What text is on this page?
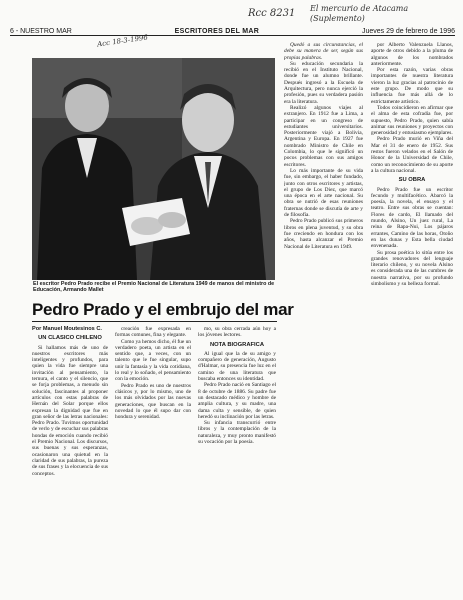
Rcc 8231 El mercurio de Atacama (Suplemento)
Acc 18-3-1996
6 - NUESTRO MAR	ESCRITORES DEL MAR	Jueves 29 de febrero de 1996
El escritor Pedro Prado recibe el Premio Nacional de Literatura 1949 de manos del ministro de Educación, Armando Mallet
Pedro Prado y el embrujo del mar
Por Manuel Moutesinos C.
UN CLASICO CHILENO

Si hallamos más de uno de nuestros escritores más inteligentes y profundos, para quien la vida fue siempre una invitación al pensamiento, la ternura, el canto y el silencio, que se forja problemas, a menudo sin solución, fascinantes al proponer artículos con estas palabras de Hernán del Solar porque ellos expresan la dignidad que fue en gran señor de las letras nacionales: Pedro Prado. Tuvimos oportunidad de verlo y de escuchar sus palabras hondas de emoción cuando recibió el Premio Nacional. Los discursos, sus buenas y sus esperanzas, ocasionaron una quietud en la claridad de sus palabras, la pureza de sus frases y la elocuencia de sus conceptos.

creación fue expresada en formas comunes, fina y elegante.

Como ya hemos dicho, él fue un verdadero poeta, un artista en el sentido que, a veces, con un talento que le fue singular, supo unir la fantasía y la vida cotidiana, lo real y lo soñado, el pensamiento con la emoción.

Pedro Prado es uno de nuestros clásicos y, por lo mismo, uno de los más olvidados por las nuevas generaciones, que buscan en la novedad lo que él supo dar con hondura y serenidad.

mo, su obra cerrada aún hoy a los jóvenes lectores.

NOTA BIOGRAFICA

Al igual que la de su amigo y compañero de generación, Augusto d'Halmar, su presencia fue luz en el camino de una literatura que buscaba entonces su identidad.

Pedro Prado nació en Santiago el 8 de octubre de 1886. Su padre fue un destacado médico y hombre de amplia cultura, y su madre, una dama culta y sensible, de quien heredó su inclinación por las letras.

Su infancia transcurrió entre libros y la contemplación de la naturaleza, y muy pronto manifestó su vocación por la poesía.

Quedó a sus circunstancias, el debe su manera de ser, según sus propias palabras.

Su educación secundaria la recibió en el Instituto Nacional, donde fue un alumno brillante. Después ingresó a la Escuela de Arquitectura, pero nunca ejerció la profesión, pues su verdadera pasión era la literatura.

Realizó algunos viajes al extranjero. En 1912 fue a Lima, a participar en un congreso de estudiantes universitarios. Posteriormente viajó a Bolivia, Argentina y Europa. En 1927 fue nombrado Ministro de Chile en Colombia, lo que le significó un pocos problemas con sus amigos escritores.

Lo más importante de su vida fue, sin embargo, el haber fundado, junto con otros escritores y artistas, el grupo de Los Diez, que marcó una época en el arte nacional. Su obra se nutrió de esas reuniones fraternas donde se discutía de arte y de filosofía.

Pedro Prado publicó sus primeros libros en plena juventud, y su obra fue creciendo en hondura con los años, hasta alcanzar el Premio Nacional de Literatura en 1949.

por Alberto Valenzuela Llanos, aporte de otros debido a la pluma de algunos de los nombrados anteriormente.

Por esta razón, varias obras importantes de nuestra literatura vieron la luz gracias al patrocinio de este grupo. De modo que su influencia fue más allá de lo estrictamente artístico.

Todos coincidieron en afirmar que el alma de esta cofradía fue, por supuesto, Pedro Prado, quien sabía animar sus reuniones y proyectos con generosidad y entusiasmo ejemplares.

Pedro Prado murió en Viña del Mar el 31 de enero de 1952. Sus restos fueron velados en el Salón de Honor de la Universidad de Chile, como un reconocimiento de su aporte a la cultura nacional.

SU OBRA

Pedro Prado fue un escritor fecundo y multifacético. Abarcó la poesía, la novela, el ensayo y el teatro. Entre sus obras se cuentan: Flores de cardo, El llamado del mundo, Alsino, Un juez rural, La reina de Rapa-Nui, Los pájaros errantes, Camino de las horas, Otoño en las dunas y Esta bella ciudad envenenada.

Su prosa poética lo sitúa entre los grandes renovadores del lenguaje literario chileno, y su novela Alsino es considerada una de las cumbres de nuestra narrativa, por su profundo simbolismo y su belleza formal.
